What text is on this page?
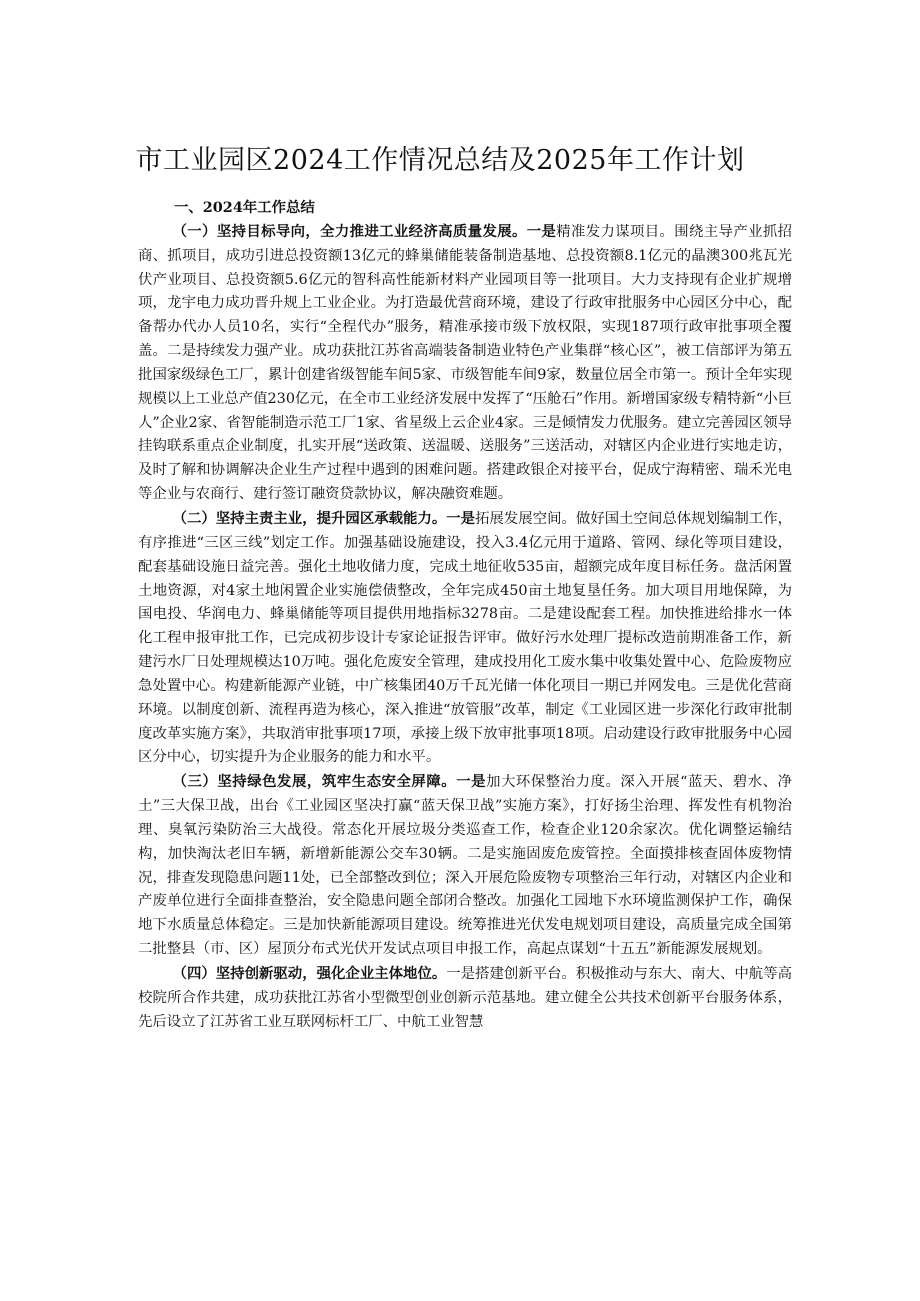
市工业园区2024工作情况总结及2025年工作计划

一、2024年工作总结

（一）坚持目标导向，全力推进工业经济高质量发展。一是精准发力谋项目。围绕主导产业抓招商、抓项目，成功引进总投资额13亿元的蜂巢储能装备制造基地、总投资额8.1亿元的晶澳300兆瓦光伏产业项目、总投资额5.6亿元的智科高性能新材料产业园项目等一批项目。大力支持现有企业扩规增项，龙宇电力成功晋升规上工业企业。为打造最优营商环境，建设了行政审批服务中心园区分中心，配备帮办代办人员10名，实行“全程代办”服务，精准承接市级下放权限，实现187项行政审批事项全覆盖。二是持续发力强产业。成功获批江苏省高端装备制造业特色产业集群“核心区”，被工信部评为第五批国家级绿色工厂，累计创建省级智能车间5家、市级智能车间9家，数量位居全市第一。预计全年实现规模以上工业总产值230亿元，在全市工业经济发展中发挥了“压舱石”作用。新增国家级专精特新“小巨人”企业2家、省智能制造示范工厂1家、省星级上云企业4家。三是倾情发力优服务。建立完善园区领导挂钩联系重点企业制度，扎实开展“送政策、送温暖、送服务”三送活动，对辖区内企业进行实地走访，及时了解和协调解决企业生产过程中遇到的困难问题。搭建政银企对接平台，促成宁海精密、瑞禾光电等企业与农商行、建行签订融资贷款协议，解决融资难题。

（二）坚持主责主业，提升园区承载能力。一是拓展发展空间。做好国土空间总体规划编制工作，有序推进“三区三线”划定工作。加强基础设施建设，投入3.4亿元用于道路、管网、绿化等项目建设，配套基础设施日益完善。强化土地收储力度，完成土地征收535亩，超额完成年度目标任务。盘活闲置土地资源，对4家土地闲置企业实施偿债整改，全年完成450亩土地复垦任务。加大项目用地保障，为国电投、华润电力、蜂巢储能等项目提供用地指标3278亩。二是建设配套工程。加快推进给排水一体化工程申报审批工作，已完成初步设计专家论证报告评审。做好污水处理厂提标改造前期准备工作，新建污水厂日处理规模达10万吨。强化危废安全管理，建成投用化工废水集中收集处置中心、危险废物应急处置中心。构建新能源产业链，中广核集团40万千瓦光储一体化项目一期已并网发电。三是优化营商环境。以制度创新、流程再造为核心，深入推进“放管服”改革，制定《工业园区进一步深化行政审批制度改革实施方案》，共取消审批事项17项，承接上级下放审批事项18项。启动建设行政审批服务中心园区分中心，切实提升为企业服务的能力和水平。

（三）坚持绿色发展，筑牢生态安全屏障。一是加大环保整治力度。深入开展“蓝天、碧水、净土”三大保卫战，出台《工业园区坚决打赢“蓝天保卫战”实施方案》，打好扬尘治理、挥发性有机物治理、臭氧污染防治三大战役。常态化开展垃圾分类巡查工作，检查企业120余家次。优化调整运输结构，加快淘汰老旧车辆，新增新能源公交车30辆。二是实施固废危废管控。全面摸排核查固体废物情况，排查发现隐患问题11处，已全部整改到位；深入开展危险废物专项整治三年行动，对辖区内企业和产废单位进行全面排查整治，安全隐患问题全部闭合整改。加强化工园地下水环境监测保护工作，确保地下水质量总体稳定。三是加快新能源项目建设。统筹推进光伏发电规划项目建设，高质量完成全国第二批整县（市、区）屋顶分布式光伏开发试点项目申报工作，高起点谋划“十五五”新能源发展规划。

（四）坚持创新驱动，强化企业主体地位。一是搭建创新平台。积极推动与东大、南大、中航等高校院所合作共建，成功获批江苏省小型微型创业创新示范基地。建立健全公共技术创新平台服务体系，先后设立了江苏省工业互联网标杆工厂、中航工业智慧
